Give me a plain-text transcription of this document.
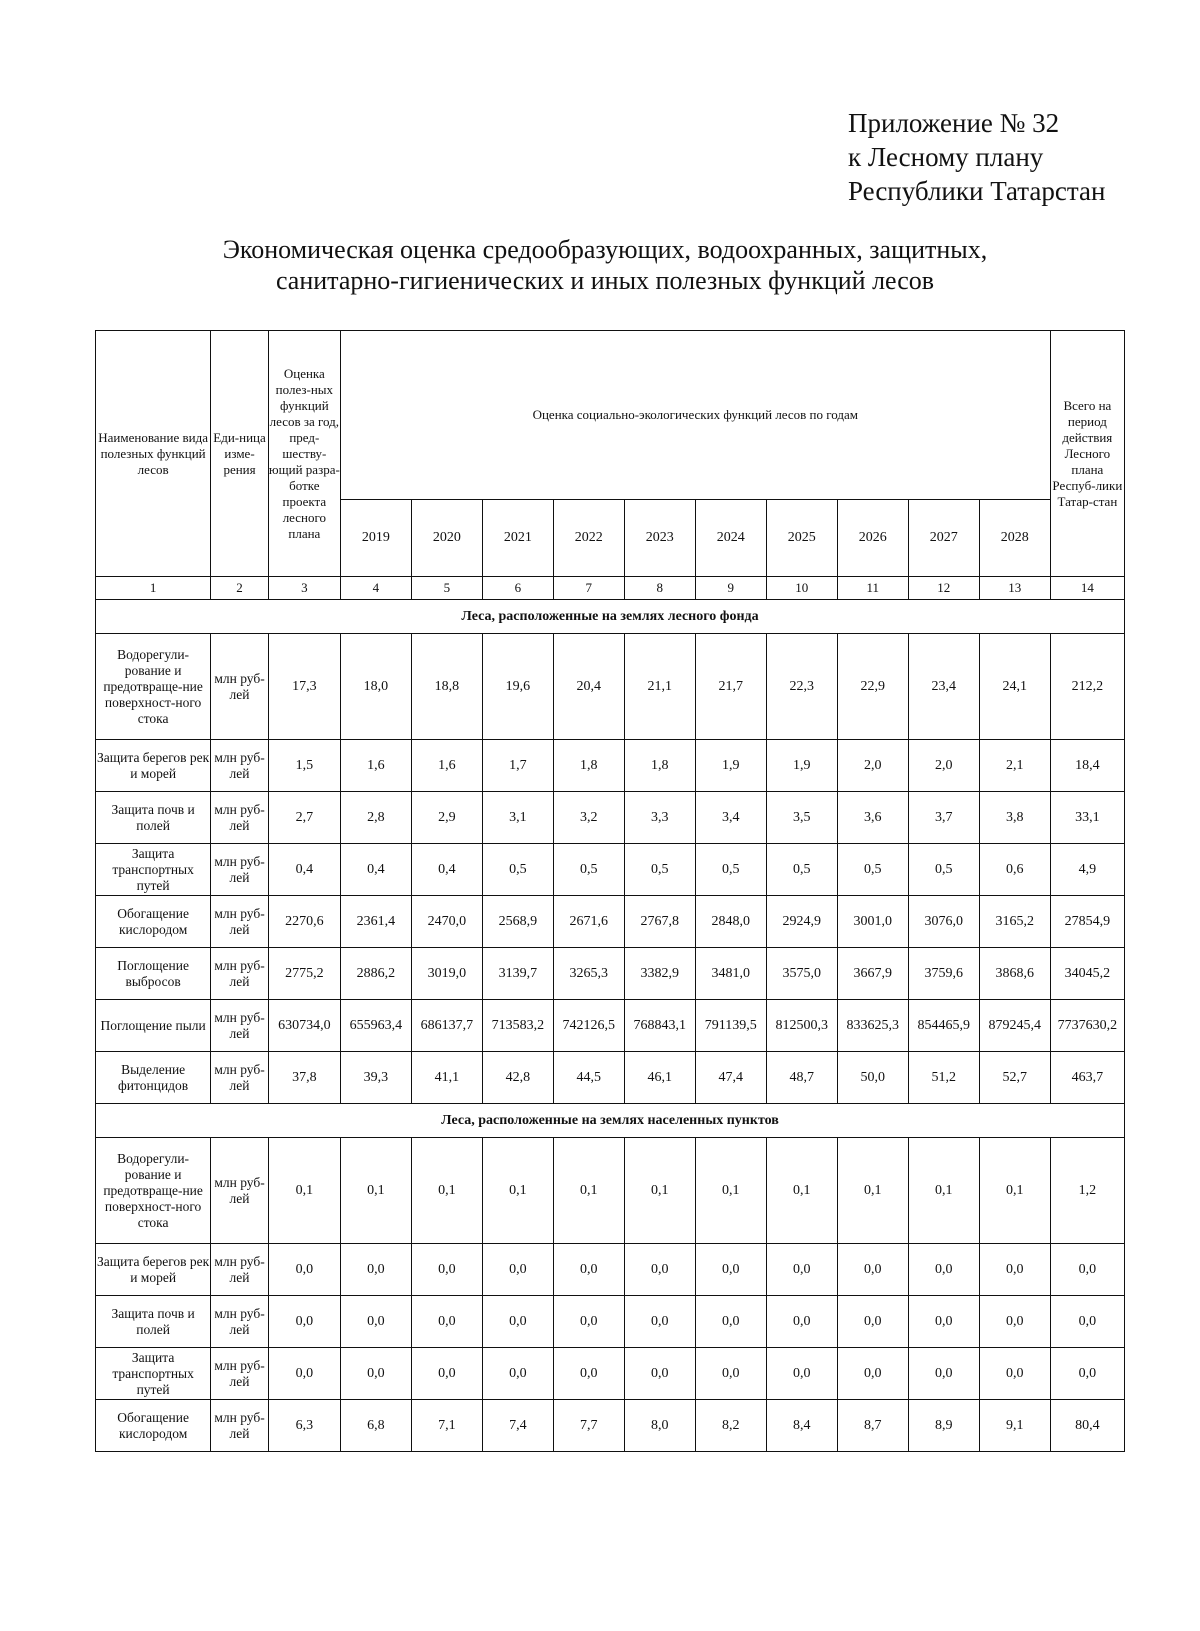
Приложение № 32
к Лесному плану
Республики Татарстан
Экономическая оценка средообразующих, водоохранных, защитных,
санитарно-гигиенических и иных полезных функций лесов
Наименование вида полезных функций лесов	Еди-ница изме-рения	Оценка полез-ных функций лесов за год, пред-шеству-ющий разра-ботке проекта лесного плана	Оценка социально-экологических функций лесов по годам										Всего на период действия Лесного плана Респуб-лики Татар-стан
			2019	2020	2021	2022	2023	2024	2025	2026	2027	2028	
1	2	3	4	5	6	7	8	9	10	11	12	13	14
Леса, расположенные на землях лесного фонда													
Водорегули-рование и предотвраще-ние поверхност-ного стока	млн руб-лей	17,3	18,0	18,8	19,6	20,4	21,1	21,7	22,3	22,9	23,4	24,1	212,2
Защита берегов рек и морей	млн руб-лей	1,5	1,6	1,6	1,7	1,8	1,8	1,9	1,9	2,0	2,0	2,1	18,4
Защита почв и полей	млн руб-лей	2,7	2,8	2,9	3,1	3,2	3,3	3,4	3,5	3,6	3,7	3,8	33,1
Защита транспортных путей	млн руб-лей	0,4	0,4	0,4	0,5	0,5	0,5	0,5	0,5	0,5	0,5	0,6	4,9
Обогащение кислородом	млн руб-лей	2270,6	2361,4	2470,0	2568,9	2671,6	2767,8	2848,0	2924,9	3001,0	3076,0	3165,2	27854,9
Поглощение выбросов	млн руб-лей	2775,2	2886,2	3019,0	3139,7	3265,3	3382,9	3481,0	3575,0	3667,9	3759,6	3868,6	34045,2
Поглощение пыли	млн руб-лей	630734,0	655963,4	686137,7	713583,2	742126,5	768843,1	791139,5	812500,3	833625,3	854465,9	879245,4	7737630,2
Выделение фитонцидов	млн руб-лей	37,8	39,3	41,1	42,8	44,5	46,1	47,4	48,7	50,0	51,2	52,7	463,7
Леса, расположенные на землях населенных пунктов													
Водорегули-рование и предотвраще-ние поверхност-ного стока	млн руб-лей	0,1	0,1	0,1	0,1	0,1	0,1	0,1	0,1	0,1	0,1	0,1	1,2
Защита берегов рек и морей	млн руб-лей	0,0	0,0	0,0	0,0	0,0	0,0	0,0	0,0	0,0	0,0	0,0	0,0
Защита почв и полей	млн руб-лей	0,0	0,0	0,0	0,0	0,0	0,0	0,0	0,0	0,0	0,0	0,0	0,0
Защита транспортных путей	млн руб-лей	0,0	0,0	0,0	0,0	0,0	0,0	0,0	0,0	0,0	0,0	0,0	0,0
Обогащение кислородом	млн руб-лей	6,3	6,8	7,1	7,4	7,7	8,0	8,2	8,4	8,7	8,9	9,1	80,4
